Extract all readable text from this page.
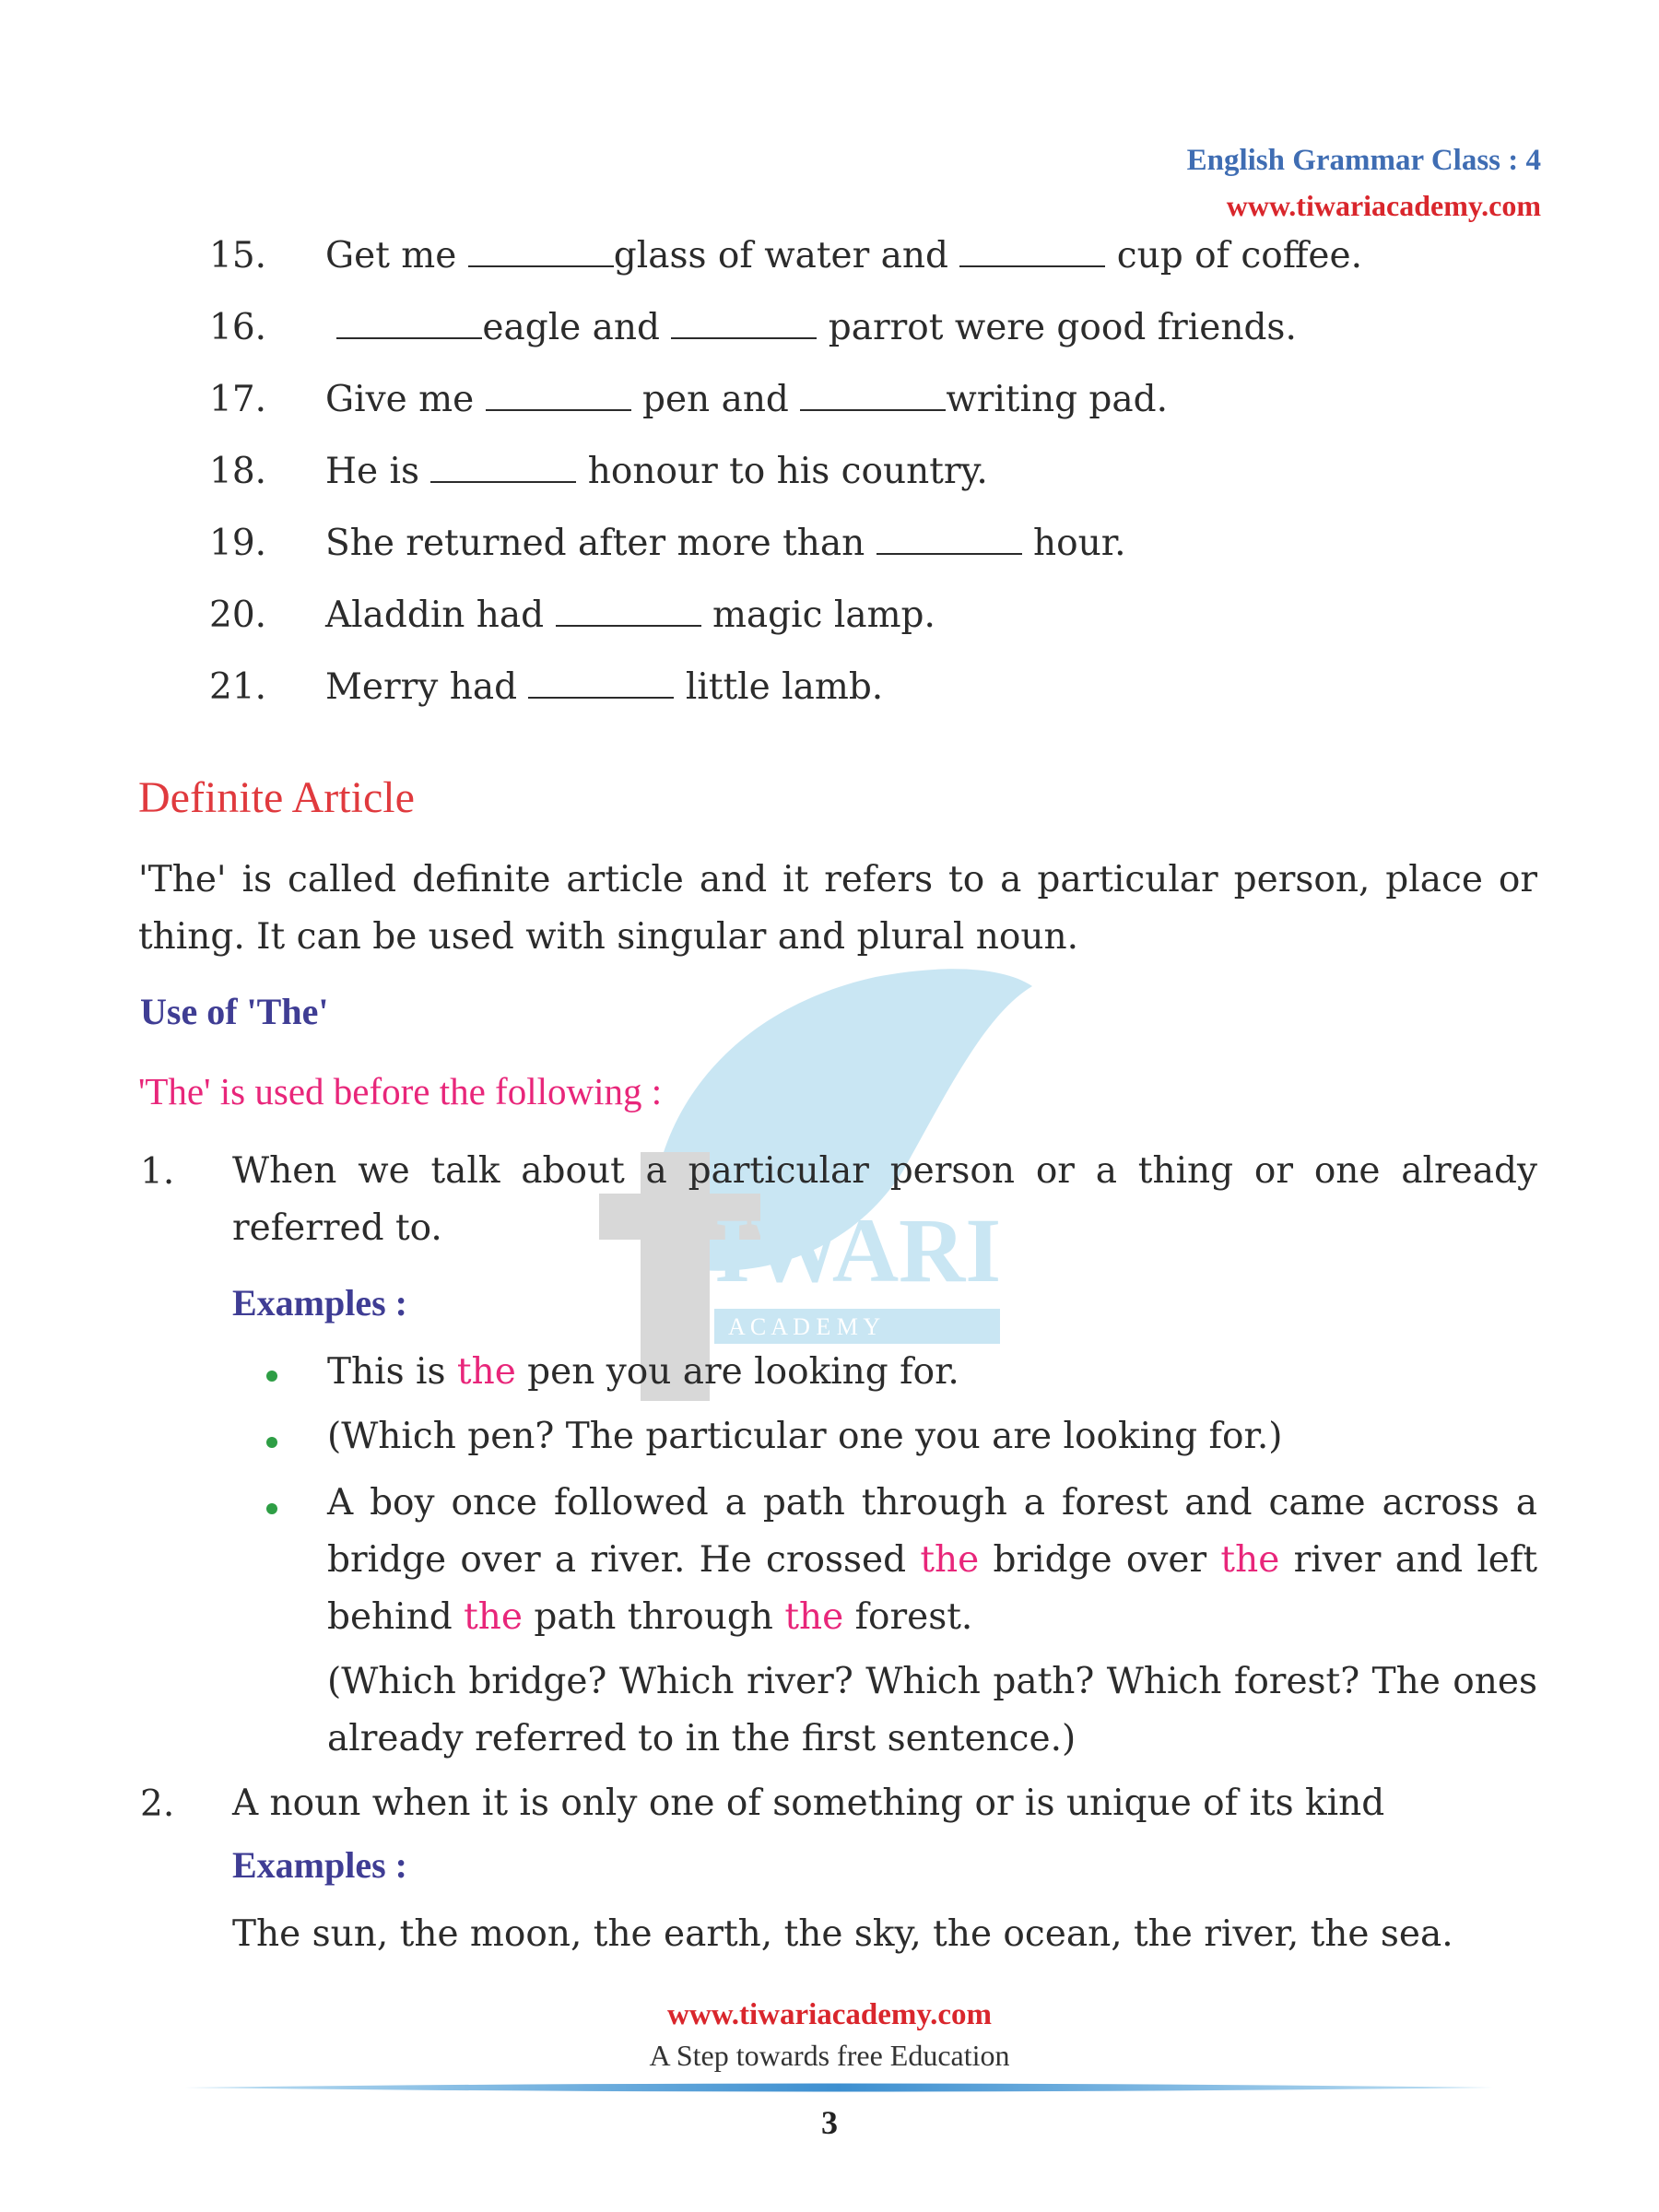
IWARI
A C A D E M Y
English Grammar Class : 4
www.tiwariacademy.com
15. Get me	glass of water and	cup of coffee.
16.	eagle and	parrot were good friends.
17. Give me	pen and	writing pad.
18. He is	honour to his country.
19. She returned after more than	hour.
20. Aladdin had	magic lamp.
21. Merry had	little lamb.
Definite Article
'The' is called definite article and it refers to a particular person, place or thing. It can be used with singular and plural noun.
Use of 'The'
'The' is used before the following :
1. When we talk about a particular person or a thing or one already referred to.
Examples :
This is the pen you are looking for.
(Which pen? The particular one you are looking for.)
A boy once followed a path through a forest and came across a bridge over a river. He crossed the bridge over the river and left behind the path through the forest.
(Which bridge? Which river? Which path? Which forest? The ones already referred to in the first sentence.)
2. A noun when it is only one of something or is unique of its kind
Examples :
The sun, the moon, the earth, the sky, the ocean, the river, the sea.
www.tiwariacademy.com
A Step towards free Education
3
